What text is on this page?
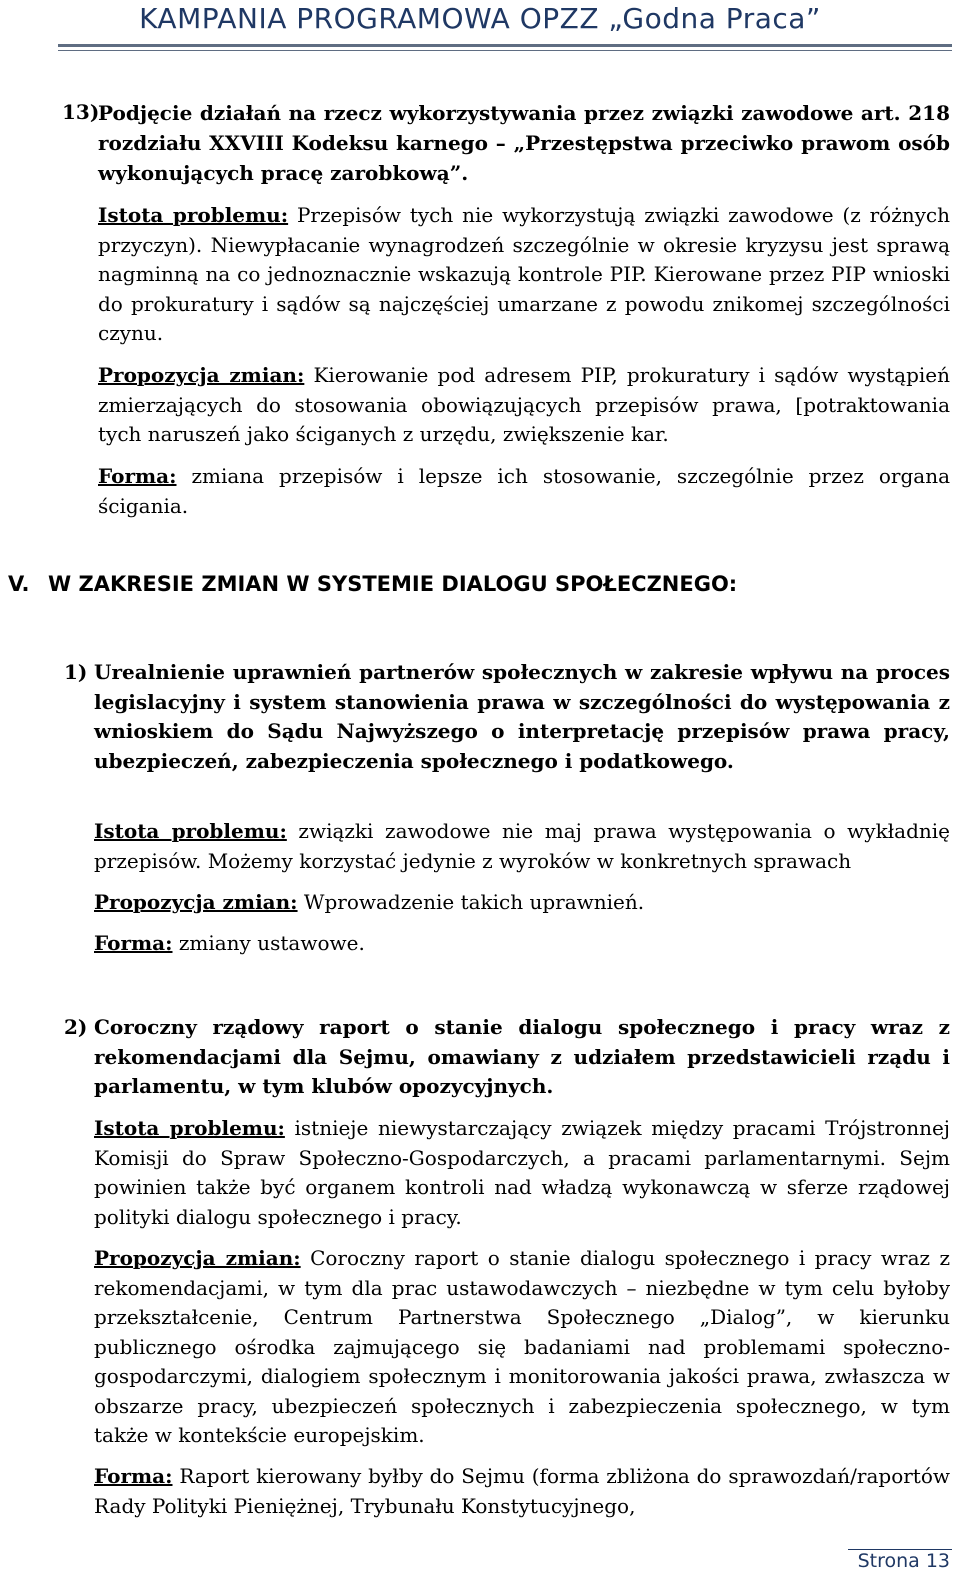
KAMPANIA PROGRAMOWA OPZZ „Godna Praca”
13)
Podjęcie działań na rzecz wykorzystywania przez związki zawodowe art. 218 rozdziału XXVIII Kodeksu karnego – „Przestępstwa przeciwko prawom osób wykonujących pracę zarobkową”.
Istota problemu: Przepisów tych nie wykorzystują związki zawodowe (z różnych przyczyn). Niewypłacanie wynagrodzeń szczególnie w okresie kryzysu jest sprawą nagminną na co jednoznacznie wskazują kontrole PIP. Kierowane przez PIP wnioski do prokuratury i sądów są najczęściej umarzane z powodu znikomej szczególności czynu.
Propozycja zmian: Kierowanie pod adresem PIP, prokuratury i sądów wystąpień zmierzających do stosowania obowiązujących przepisów prawa, [potraktowania tych naruszeń jako ściganych z urzędu, zwiększenie kar.
Forma: zmiana przepisów i lepsze ich stosowanie, szczególnie przez organa ścigania.
V. W ZAKRESIE ZMIAN W SYSTEMIE DIALOGU SPOŁECZNEGO:
1) Urealnienie uprawnień partnerów społecznych w zakresie wpływu na proces legislacyjny i system stanowienia prawa w szczególności do występowania z wnioskiem do Sądu Najwyższego o interpretację przepisów prawa pracy, ubezpieczeń, zabezpieczenia społecznego i podatkowego.
Istota problemu: związki zawodowe nie maj prawa występowania o wykładnię przepisów. Możemy korzystać jedynie z wyroków w konkretnych sprawach
Propozycja zmian: Wprowadzenie takich uprawnień.
Forma: zmiany ustawowe.
2) Coroczny rządowy raport o stanie dialogu społecznego i pracy wraz z rekomendacjami dla Sejmu, omawiany z udziałem przedstawicieli rządu i parlamentu, w tym klubów opozycyjnych.
Istota problemu: istnieje niewystarczający związek między pracami Trójstronnej Komisji do Spraw Społeczno-Gospodarczych, a pracami parlamentarnymi. Sejm powinien także być organem kontroli nad władzą wykonawczą w sferze rządowej polityki dialogu społecznego i pracy.
Propozycja zmian: Coroczny raport o stanie dialogu społecznego i pracy wraz z rekomendacjami, w tym dla prac ustawodawczych – niezbędne w tym celu byłoby przekształcenie, Centrum Partnerstwa Społecznego „Dialog”, w kierunku publicznego ośrodka zajmującego się badaniami nad problemami społeczno-gospodarczymi, dialogiem społecznym i monitorowania jakości prawa, zwłaszcza w obszarze pracy, ubezpieczeń społecznych i zabezpieczenia społecznego, w tym także w kontekście europejskim.
Forma: Raport kierowany byłby do Sejmu (forma zbliżona do sprawozdań/raportów Rady Polityki Pieniężnej, Trybunału Konstytucyjnego,
Strona 13
